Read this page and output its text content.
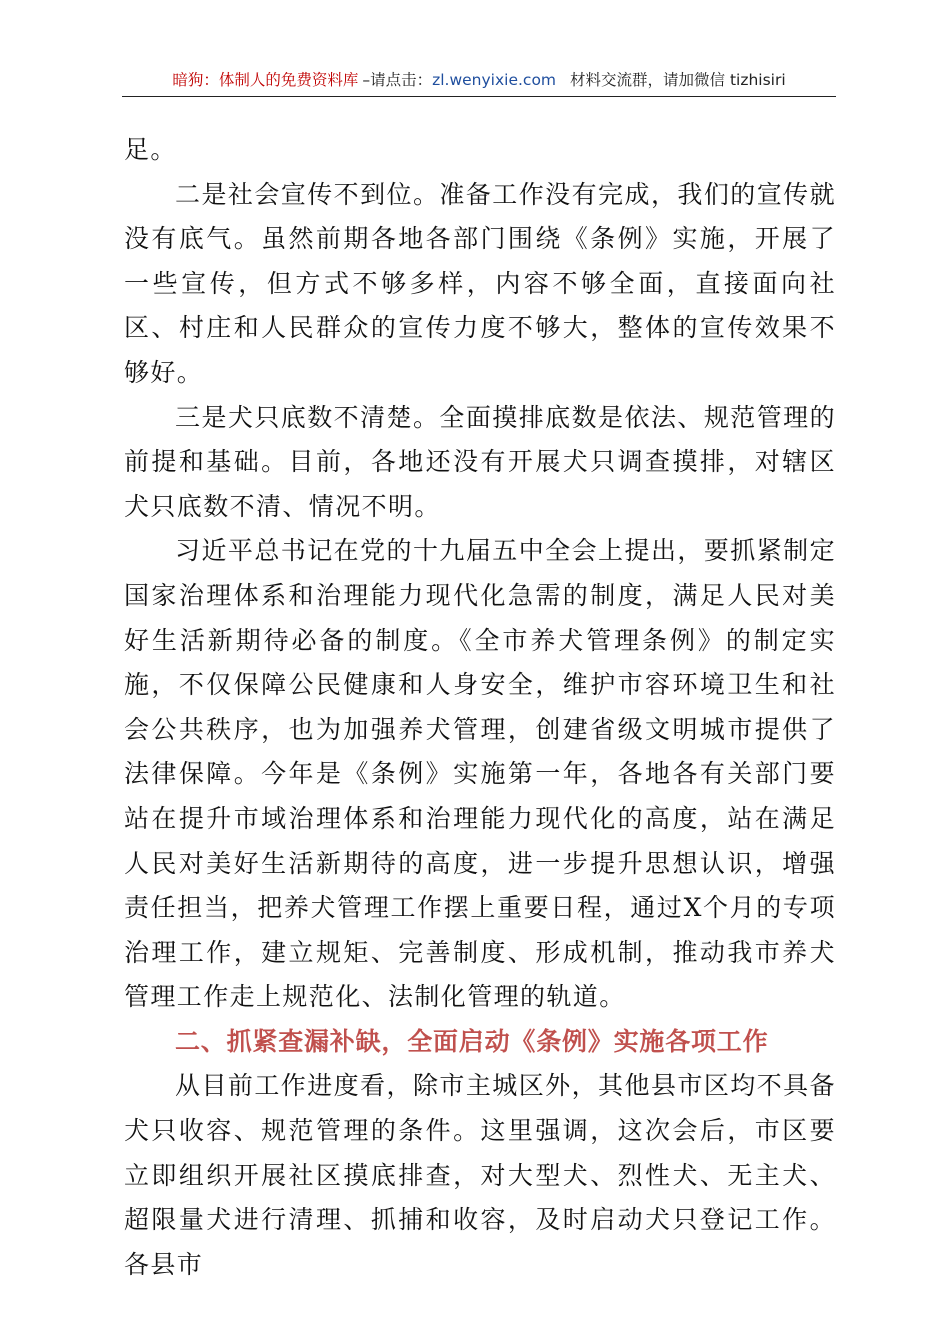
暗狗：体制人的免费资料库 –请点击：zl.wenyixie.com 材料交流群，请加微信 tizhisiri

足。

二是社会宣传不到位。准备工作没有完成，我们的宣传就没有底气。虽然前期各地各部门围绕《条例》实施，开展了一些宣传，但方式不够多样，内容不够全面，直接面向社区、村庄和人民群众的宣传力度不够大，整体的宣传效果不够好。

三是犬只底数不清楚。全面摸排底数是依法、规范管理的前提和基础。目前，各地还没有开展犬只调查摸排，对辖区犬只底数不清、情况不明。

习近平总书记在党的十九届五中全会上提出，要抓紧制定国家治理体系和治理能力现代化急需的制度，满足人民对美好生活新期待必备的制度。《全市养犬管理条例》的制定实施，不仅保障公民健康和人身安全，维护市容环境卫生和社会公共秩序，也为加强养犬管理，创建省级文明城市提供了法律保障。今年是《条例》实施第一年，各地各有关部门要站在提升市域治理体系和治理能力现代化的高度，站在满足人民对美好生活新期待的高度，进一步提升思想认识，增强责任担当，把养犬管理工作摆上重要日程，通过X个月的专项治理工作，建立规矩、完善制度、形成机制，推动我市养犬管理工作走上规范化、法制化管理的轨道。

二、抓紧查漏补缺，全面启动《条例》实施各项工作

从目前工作进度看，除市主城区外，其他县市区均不具备犬只收容、规范管理的条件。这里强调，这次会后，市区要立即组织开展社区摸底排查，对大型犬、烈性犬、无主犬、超限量犬进行清理、抓捕和收容，及时启动犬只登记工作。各县市
